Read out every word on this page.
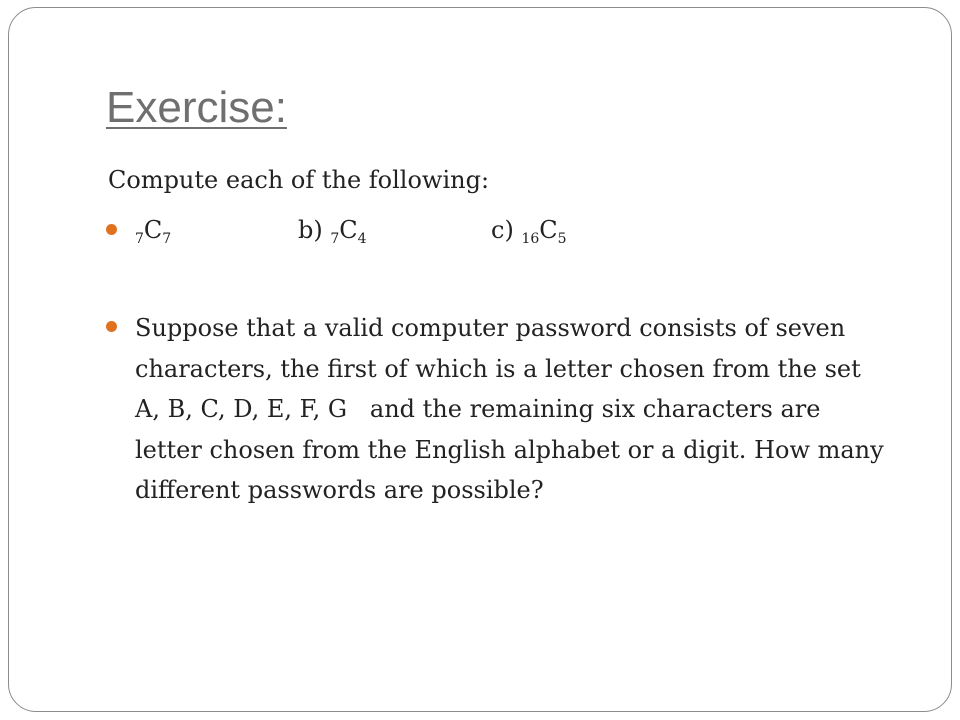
Exercise:
Compute each of the following:
$_7C_7$	b) $_7C_4$	c) $_{16}C_5$

Suppose that a valid computer password consists of seven
characters, the first of which is a letter chosen from the set
A, B, C, D, E, F, G   and the remaining six characters are
letter chosen from the English alphabet or a digit. How many
different passwords are possible?
